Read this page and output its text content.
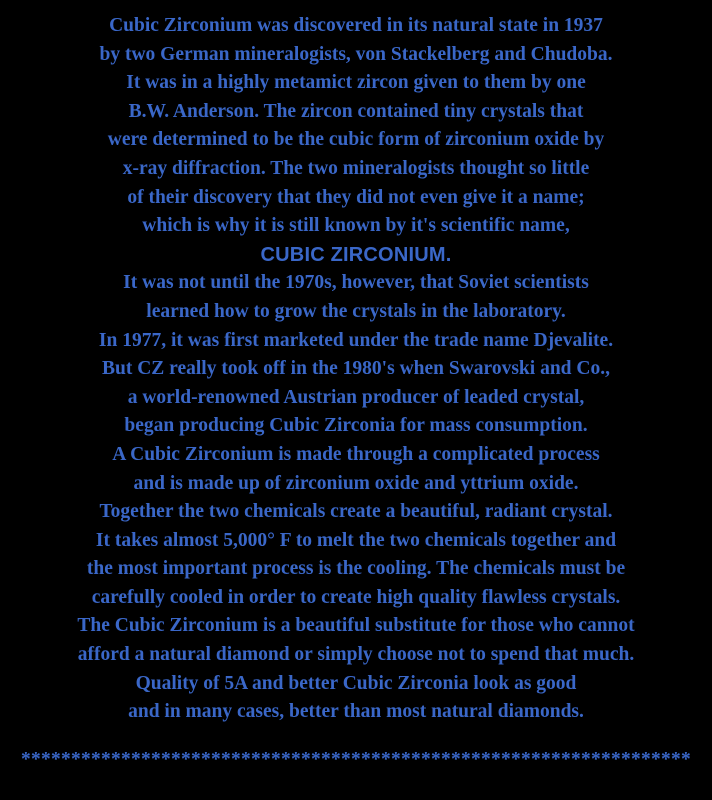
Cubic Zirconium was discovered in its natural state in 1937
by two German mineralogists, von Stackelberg and Chudoba.
It was in a highly metamict zircon given to them by one
B.W. Anderson. The zircon contained tiny crystals that
were determined to be the cubic form of zirconium oxide by
x-ray diffraction. The two mineralogists thought so little
of their discovery that they did not even give it a name;
which is why it is still known by it's scientific name,
CUBIC ZIRCONIUM.
It was not until the 1970s, however, that Soviet scientists
learned how to grow the crystals in the laboratory.
In 1977, it was first marketed under the trade name Djevalite.
But CZ really took off in the 1980's when Swarovski and Co.,
a world-renowned Austrian producer of leaded crystal,
began producing Cubic Zirconia for mass consumption.
A Cubic Zirconium is made through a complicated process
and is made up of zirconium oxide and yttrium oxide.
Together the two chemicals create a beautiful, radiant crystal.
It takes almost 5,000° F to melt the two chemicals together and
the most important process is the cooling. The chemicals must be
carefully cooled in order to create high quality flawless crystals.
The Cubic Zirconium is a beautiful substitute for those who cannot
afford a natural diamond or simply choose not to spend that much.
Quality of 5A and better Cubic Zirconia look as good
and in many cases, better than most natural diamonds.
*******************************************************************
